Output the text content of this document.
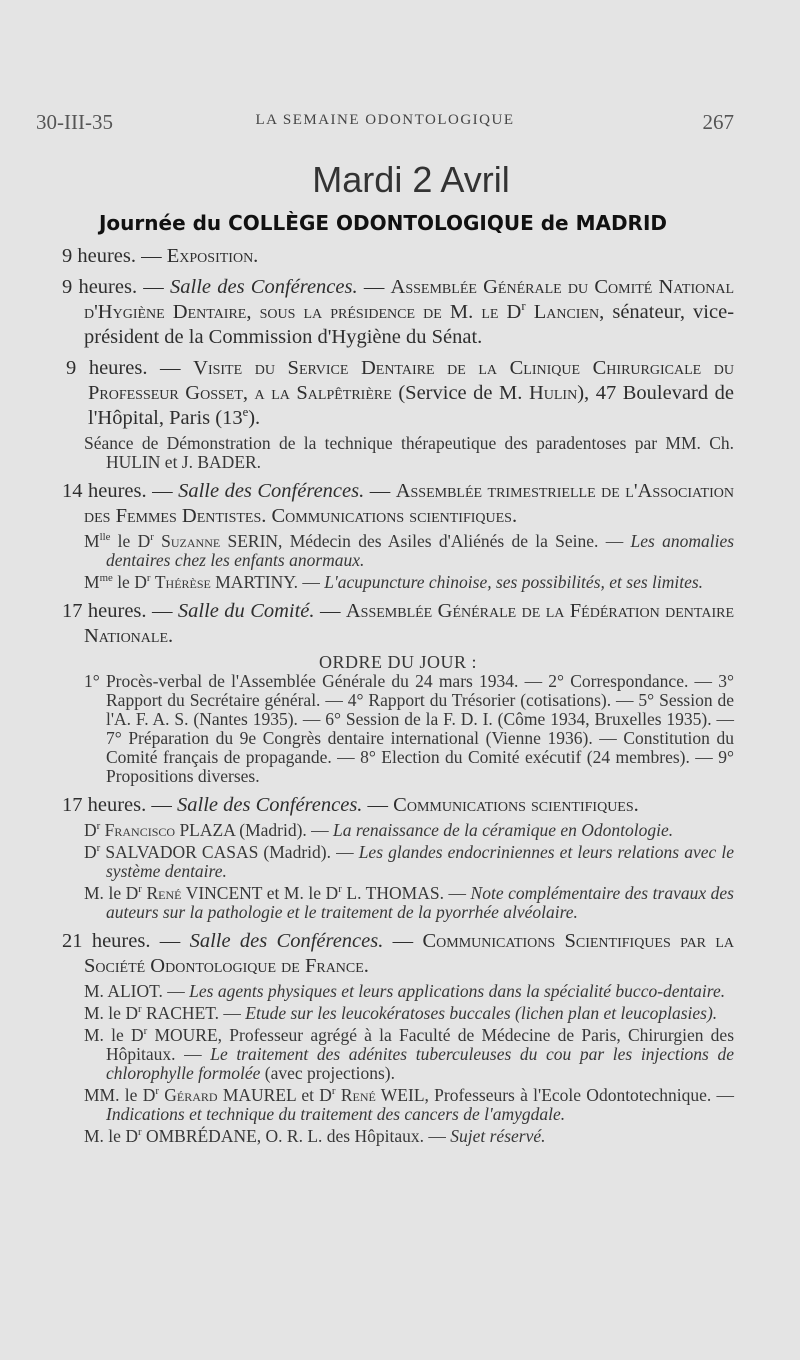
30-III-35	LA SEMAINE ODONTOLOGIQUE	267
Mardi 2 Avril
Journée du COLLÈGE ODONTOLOGIQUE de MADRID
9 heures. — Exposition.
9 heures. — Salle des Conférences. — Assemblée Générale du Comité National d'Hygiène Dentaire, sous la présidence de M. le $D^r$ Lancien, sénateur, vice-président de la Commission d'Hygiène du Sénat.
9 heures. — Visite du Service Dentaire de la Clinique Chirurgicale du Professeur Gosset, a la Salpêtrière (Service de M. Hulin), 47 Boulevard de l'Hôpital, Paris (13e).
Séance de Démonstration de la technique thérapeutique des paradentoses par MM. Ch. HULIN et J. BADER.
14 heures. — Salle des Conférences. — Assemblée trimestrielle de l'Association des Femmes Dentistes. Communications scientifiques.
$M^{lle}$ le $D^r$ Suzanne SERIN, Médecin des Asiles d'Aliénés de la Seine. — Les anomalies dentaires chez les enfants anormaux.
$M^{me}$ le $D^r$ Thérèse MARTINY. — L'acupuncture chinoise, ses possibilités, et ses limites.
17 heures. — Salle du Comité. — Assemblée Générale de la Fédération dentaire Nationale.
ORDRE DU JOUR :
1° Procès-verbal de l'Assemblée Générale du 24 mars 1934. — 2° Correspondance. — 3° Rapport du Secrétaire général. — 4° Rapport du Trésorier (cotisations). — 5° Session de l'A. F. A. S. (Nantes 1935). — 6° Session de la F. D. I. (Côme 1934, Bruxelles 1935). — 7° Préparation du 9e Congrès dentaire international (Vienne 1936). — Constitution du Comité français de propagande. — 8° Election du Comité exécutif (24 membres). — 9° Propositions diverses.
17 heures. — Salle des Conférences. — Communications scientifiques.
$D^r$ Francisco PLAZA (Madrid). — La renaissance de la céramique en Odontologie.
$D^r$ SALVADOR CASAS (Madrid). — Les glandes endocriniennes et leurs relations avec le système dentaire.
M. le $D^r$ René VINCENT et M. le $D^r$ L. THOMAS. — Note complémentaire des travaux des auteurs sur la pathologie et le traitement de la pyorrhée alvéolaire.
21 heures. — Salle des Conférences. — Communications Scientifiques par la Société Odontologique de France.
M. ALIOT. — Les agents physiques et leurs applications dans la spécialité bucco-dentaire.
M. le $D^r$ RACHET. — Etude sur les leucokératoses buccales (lichen plan et leucoplasies).
M. le $D^r$ MOURE, Professeur agrégé à la Faculté de Médecine de Paris, Chirurgien des Hôpitaux. — Le traitement des adénites tuberculeuses du cou par les injections de chlorophylle formolée (avec projections).
MM. le $D^r$ Gérard MAUREL et $D^r$ René WEIL, Professeurs à l'Ecole Odontotechnique. — Indications et technique du traitement des cancers de l'amygdale.
M. le $D^r$ OMBRÉDANE, O. R. L. des Hôpitaux. — Sujet réservé.
